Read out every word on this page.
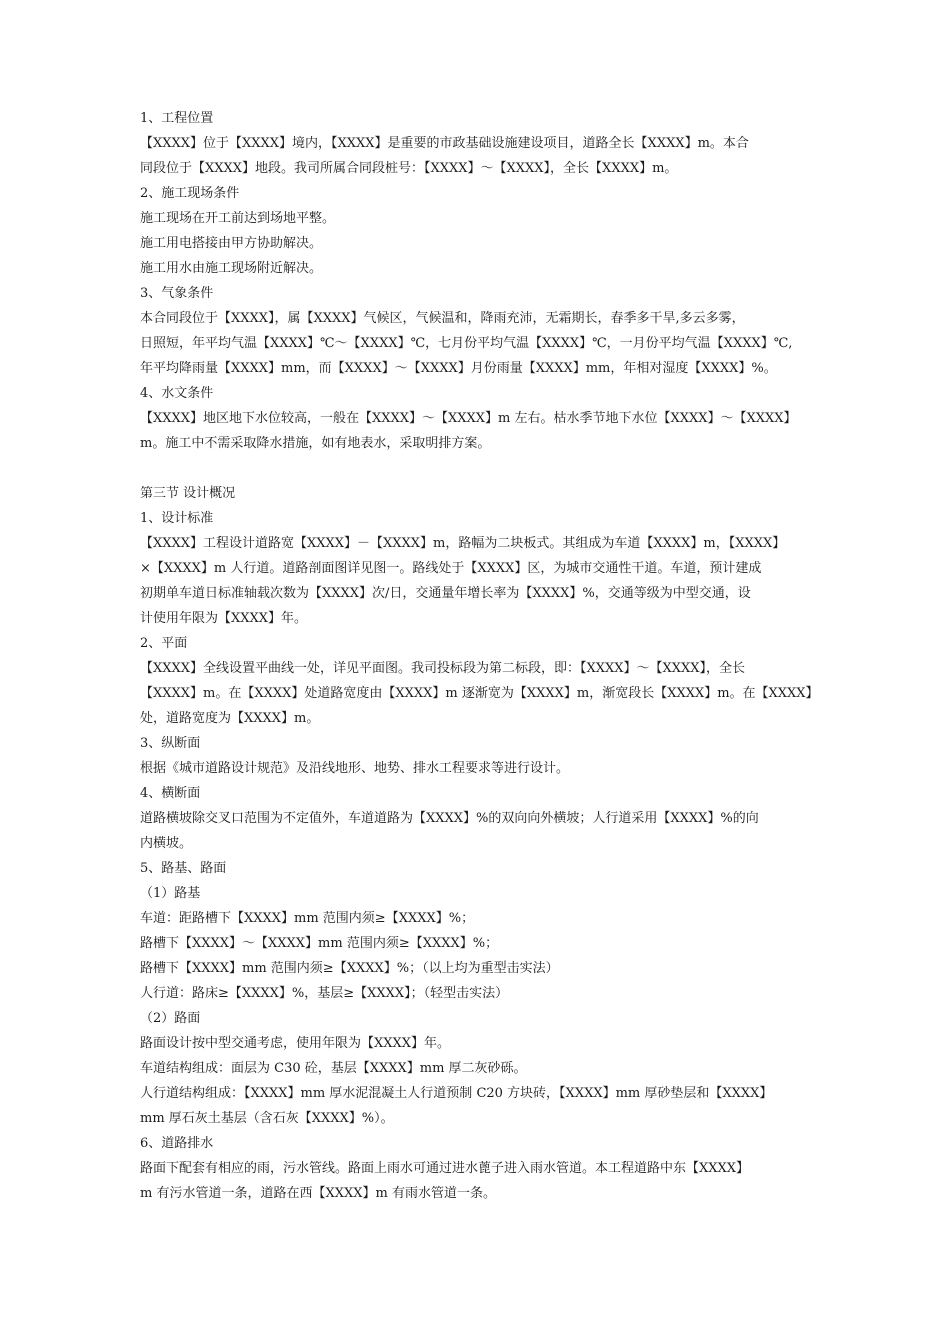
1、工程位置
【XXXX】位于【XXXX】境内，【XXXX】是重要的市政基础设施建设项目，道路全长【XXXX】m。本合
同段位于【XXXX】地段。我司所属合同段桩号：【XXXX】～【XXXX】，全长【XXXX】m。
2、施工现场条件
施工现场在开工前达到场地平整。
施工用电搭接由甲方协助解决。
施工用水由施工现场附近解决。
3、气象条件
本合同段位于【XXXX】，属【XXXX】气候区，气候温和，降雨充沛，无霜期长，春季多干旱,多云多雾，
日照短，年平均气温【XXXX】℃～【XXXX】℃，七月份平均气温【XXXX】℃，一月份平均气温【XXXX】℃,
年平均降雨量【XXXX】mm，而【XXXX】～【XXXX】月份雨量【XXXX】mm，年相对湿度【XXXX】%。
4、水文条件
【XXXX】地区地下水位较高，一般在【XXXX】～【XXXX】m 左右。枯水季节地下水位【XXXX】～【XXXX】
m。施工中不需采取降水措施，如有地表水，采取明排方案。
第三节 设计概况
1、设计标准
【XXXX】工程设计道路宽【XXXX】－【XXXX】m，路幅为二块板式。其组成为车道【XXXX】m，【XXXX】
×【XXXX】m 人行道。道路剖面图详见图一。路线处于【XXXX】区，为城市交通性干道。车道，预计建成
初期单车道日标准轴载次数为【XXXX】次/日，交通量年增长率为【XXXX】%，交通等级为中型交通，设
计使用年限为【XXXX】年。
2、平面
【XXXX】全线设置平曲线一处，详见平面图。我司投标段为第二标段，即：【XXXX】～【XXXX】，全长
【XXXX】m。在【XXXX】处道路宽度由【XXXX】m 逐渐宽为【XXXX】m，渐宽段长【XXXX】m。在【XXXX】
处，道路宽度为【XXXX】m。
3、纵断面
根据《城市道路设计规范》及沿线地形、地势、排水工程要求等进行设计。
4、横断面
道路横坡除交叉口范围为不定值外，车道道路为【XXXX】%的双向向外横坡；人行道采用【XXXX】%的向
内横坡。
5、路基、路面
（1）路基
车道：距路槽下【XXXX】mm 范围内须≥【XXXX】%；
路槽下【XXXX】～【XXXX】mm 范围内须≥【XXXX】%；
路槽下【XXXX】mm 范围内须≥【XXXX】%；（以上均为重型击实法）
人行道：路床≥【XXXX】%，基层≥【XXXX】；（轻型击实法）
（2）路面
路面设计按中型交通考虑，使用年限为【XXXX】年。
车道结构组成：面层为 C30 砼，基层【XXXX】mm 厚二灰砂砾。
人行道结构组成：【XXXX】mm 厚水泥混凝土人行道预制 C20 方块砖，【XXXX】mm 厚砂垫层和【XXXX】
mm 厚石灰土基层（含石灰【XXXX】%）。
6、道路排水
路面下配套有相应的雨，污水管线。路面上雨水可通过进水蓖子进入雨水管道。本工程道路中东【XXXX】
m 有污水管道一条，道路在西【XXXX】m 有雨水管道一条。
